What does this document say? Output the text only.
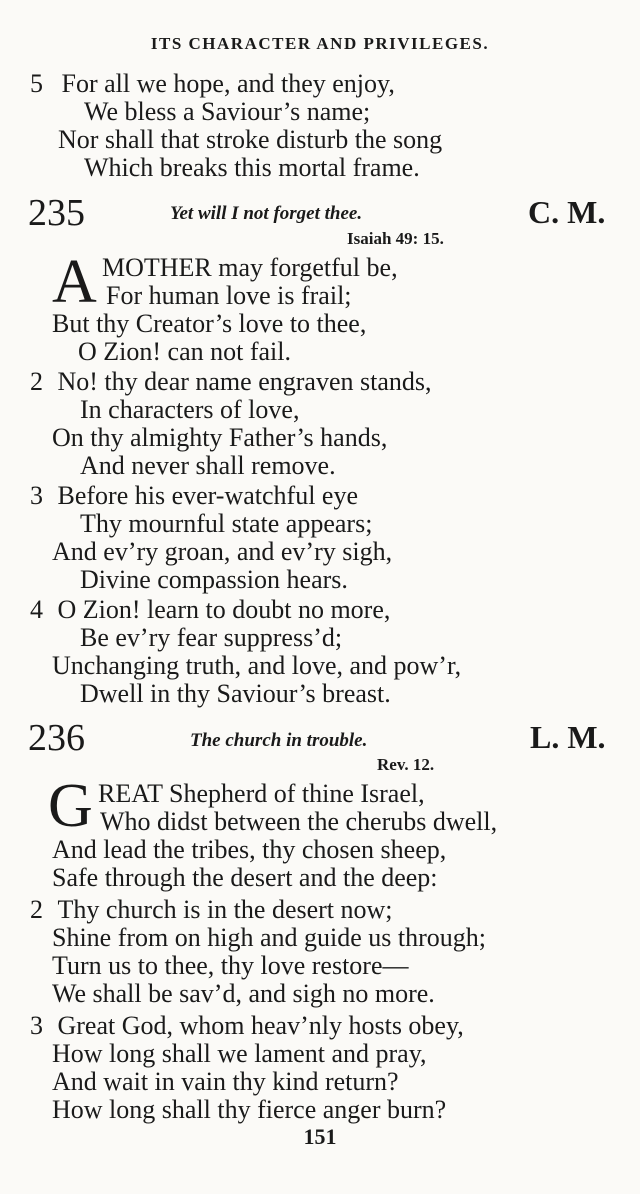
ITS CHARACTER AND PRIVILEGES.
5 For all we hope, and they enjoy,
We bless a Saviour’s name;
Nor shall that stroke disturb the song
Which breaks this mortal frame.
235	Yet will I not forget thee.	C. M.
Isaiah 49: 15.
A MOTHER may forgetful be,
For human love is frail;
But thy Creator’s love to thee,
O Zion! can not fail.
2 No! thy dear name engraven stands,
In characters of love,
On thy almighty Father’s hands,
And never shall remove.
3 Before his ever-watchful eye
Thy mournful state appears;
And ev’ry groan, and ev’ry sigh,
Divine compassion hears.
4 O Zion! learn to doubt no more,
Be ev’ry fear suppress’d;
Unchanging truth, and love, and pow’r,
Dwell in thy Saviour’s breast.
236	The church in trouble.	L. M.
Rev. 12.
G REAT Shepherd of thine Israel,
Who didst between the cherubs dwell,
And lead the tribes, thy chosen sheep,
Safe through the desert and the deep:
2 Thy church is in the desert now;
Shine from on high and guide us through;
Turn us to thee, thy love restore—
We shall be sav’d, and sigh no more.
3 Great God, whom heav’nly hosts obey,
How long shall we lament and pray,
And wait in vain thy kind return?
How long shall thy fierce anger burn?
151
